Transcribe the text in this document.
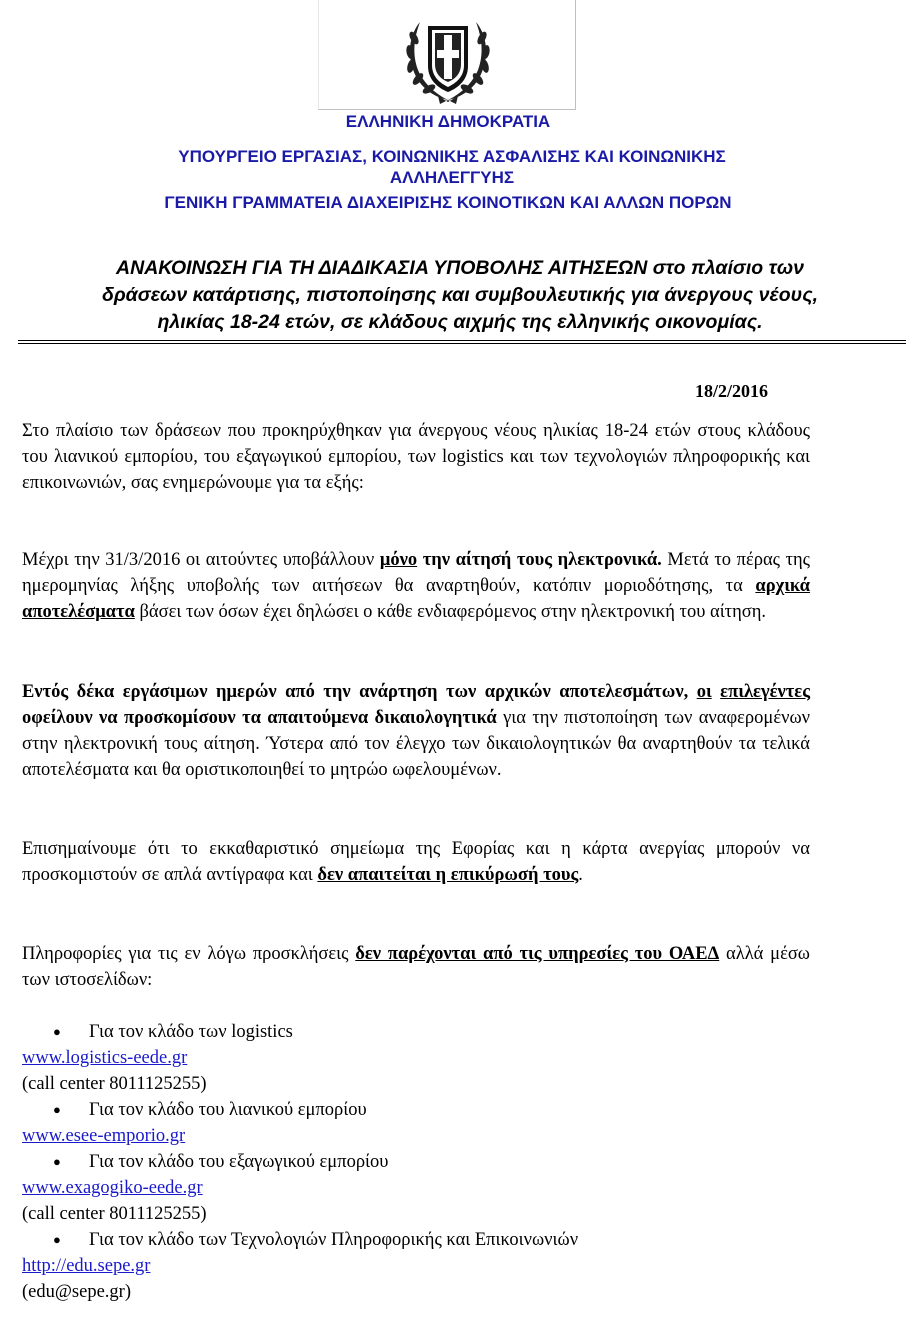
ΕΛΛΗΝΙΚΗ ΔΗΜΟΚΡΑΤΙΑ
ΥΠΟΥΡΓΕΙΟ ΕΡΓΑΣΙΑΣ, ΚΟΙΝΩΝΙΚΗΣ ΑΣΦΑΛΙΣΗΣ ΚΑΙ ΚΟΙΝΩΝΙΚΗΣ
ΑΛΛΗΛΕΓΓΥΗΣ
ΓΕΝΙΚΗ ΓΡΑΜΜΑΤΕΙΑ ΔΙΑΧΕΙΡΙΣΗΣ ΚΟΙΝΟΤΙΚΩΝ ΚΑΙ ΑΛΛΩΝ ΠΟΡΩΝ
ΑΝΑΚΟΙΝΩΣΗ ΓΙΑ ΤΗ ΔΙΑΔΙΚΑΣΙΑ ΥΠΟΒΟΛΗΣ ΑΙΤΗΣΕΩΝ στο πλαίσιο των
δράσεων κατάρτισης, πιστοποίησης και συμβουλευτικής για άνεργους νέους,
ηλικίας 18-24 ετών, σε κλάδους αιχμής της ελληνικής οικονομίας.
18/2/2016
Στο πλαίσιο των δράσεων που προκηρύχθηκαν για άνεργους νέους ηλικίας 18-24 ετών στους κλάδους του λιανικού εμπορίου, του εξαγωγικού εμπορίου, των logistics και των τεχνολογιών πληροφορικής και επικοινωνιών, σας ενημερώνουμε για τα εξής:
Μέχρι την 31/3/2016 οι αιτούντες υποβάλλουν μόνο την αίτησή τους ηλεκτρονικά. Μετά το πέρας της ημερομηνίας λήξης υποβολής των αιτήσεων θα αναρτηθούν, κατόπιν μοριοδότησης, τα αρχικά αποτελέσματα βάσει των όσων έχει δηλώσει ο κάθε ενδιαφερόμενος στην ηλεκτρονική του αίτηση.
Εντός δέκα εργάσιμων ημερών από την ανάρτηση των αρχικών αποτελεσμάτων, οι επιλεγέντες οφείλουν να προσκομίσουν τα απαιτούμενα δικαιολογητικά για την πιστοποίηση των αναφερομένων στην ηλεκτρονική τους αίτηση. Ύστερα από τον έλεγχο των δικαιολογητικών θα αναρτηθούν τα τελικά αποτελέσματα και θα οριστικοποιηθεί το μητρώο ωφελουμένων.
Επισημαίνουμε ότι το εκκαθαριστικό σημείωμα της Εφορίας και η κάρτα ανεργίας μπορούν να προσκομιστούν σε απλά αντίγραφα και δεν απαιτείται η επικύρωσή τους.
Πληροφορίες για τις εν λόγω προσκλήσεις δεν παρέχονται από τις υπηρεσίες του ΟΑΕΔ αλλά μέσω των ιστοσελίδων:
● Για τον κλάδο των logistics
www.logistics-eede.gr
(call center 8011125255)
● Για τον κλάδο του λιανικού εμπορίου
www.esee-emporio.gr
● Για τον κλάδο του εξαγωγικού εμπορίου
www.exagogiko-eede.gr
(call center 8011125255)
● Για τον κλάδο των Τεχνολογιών Πληροφορικής και Επικοινωνιών
http://edu.sepe.gr
(edu@sepe.gr)
